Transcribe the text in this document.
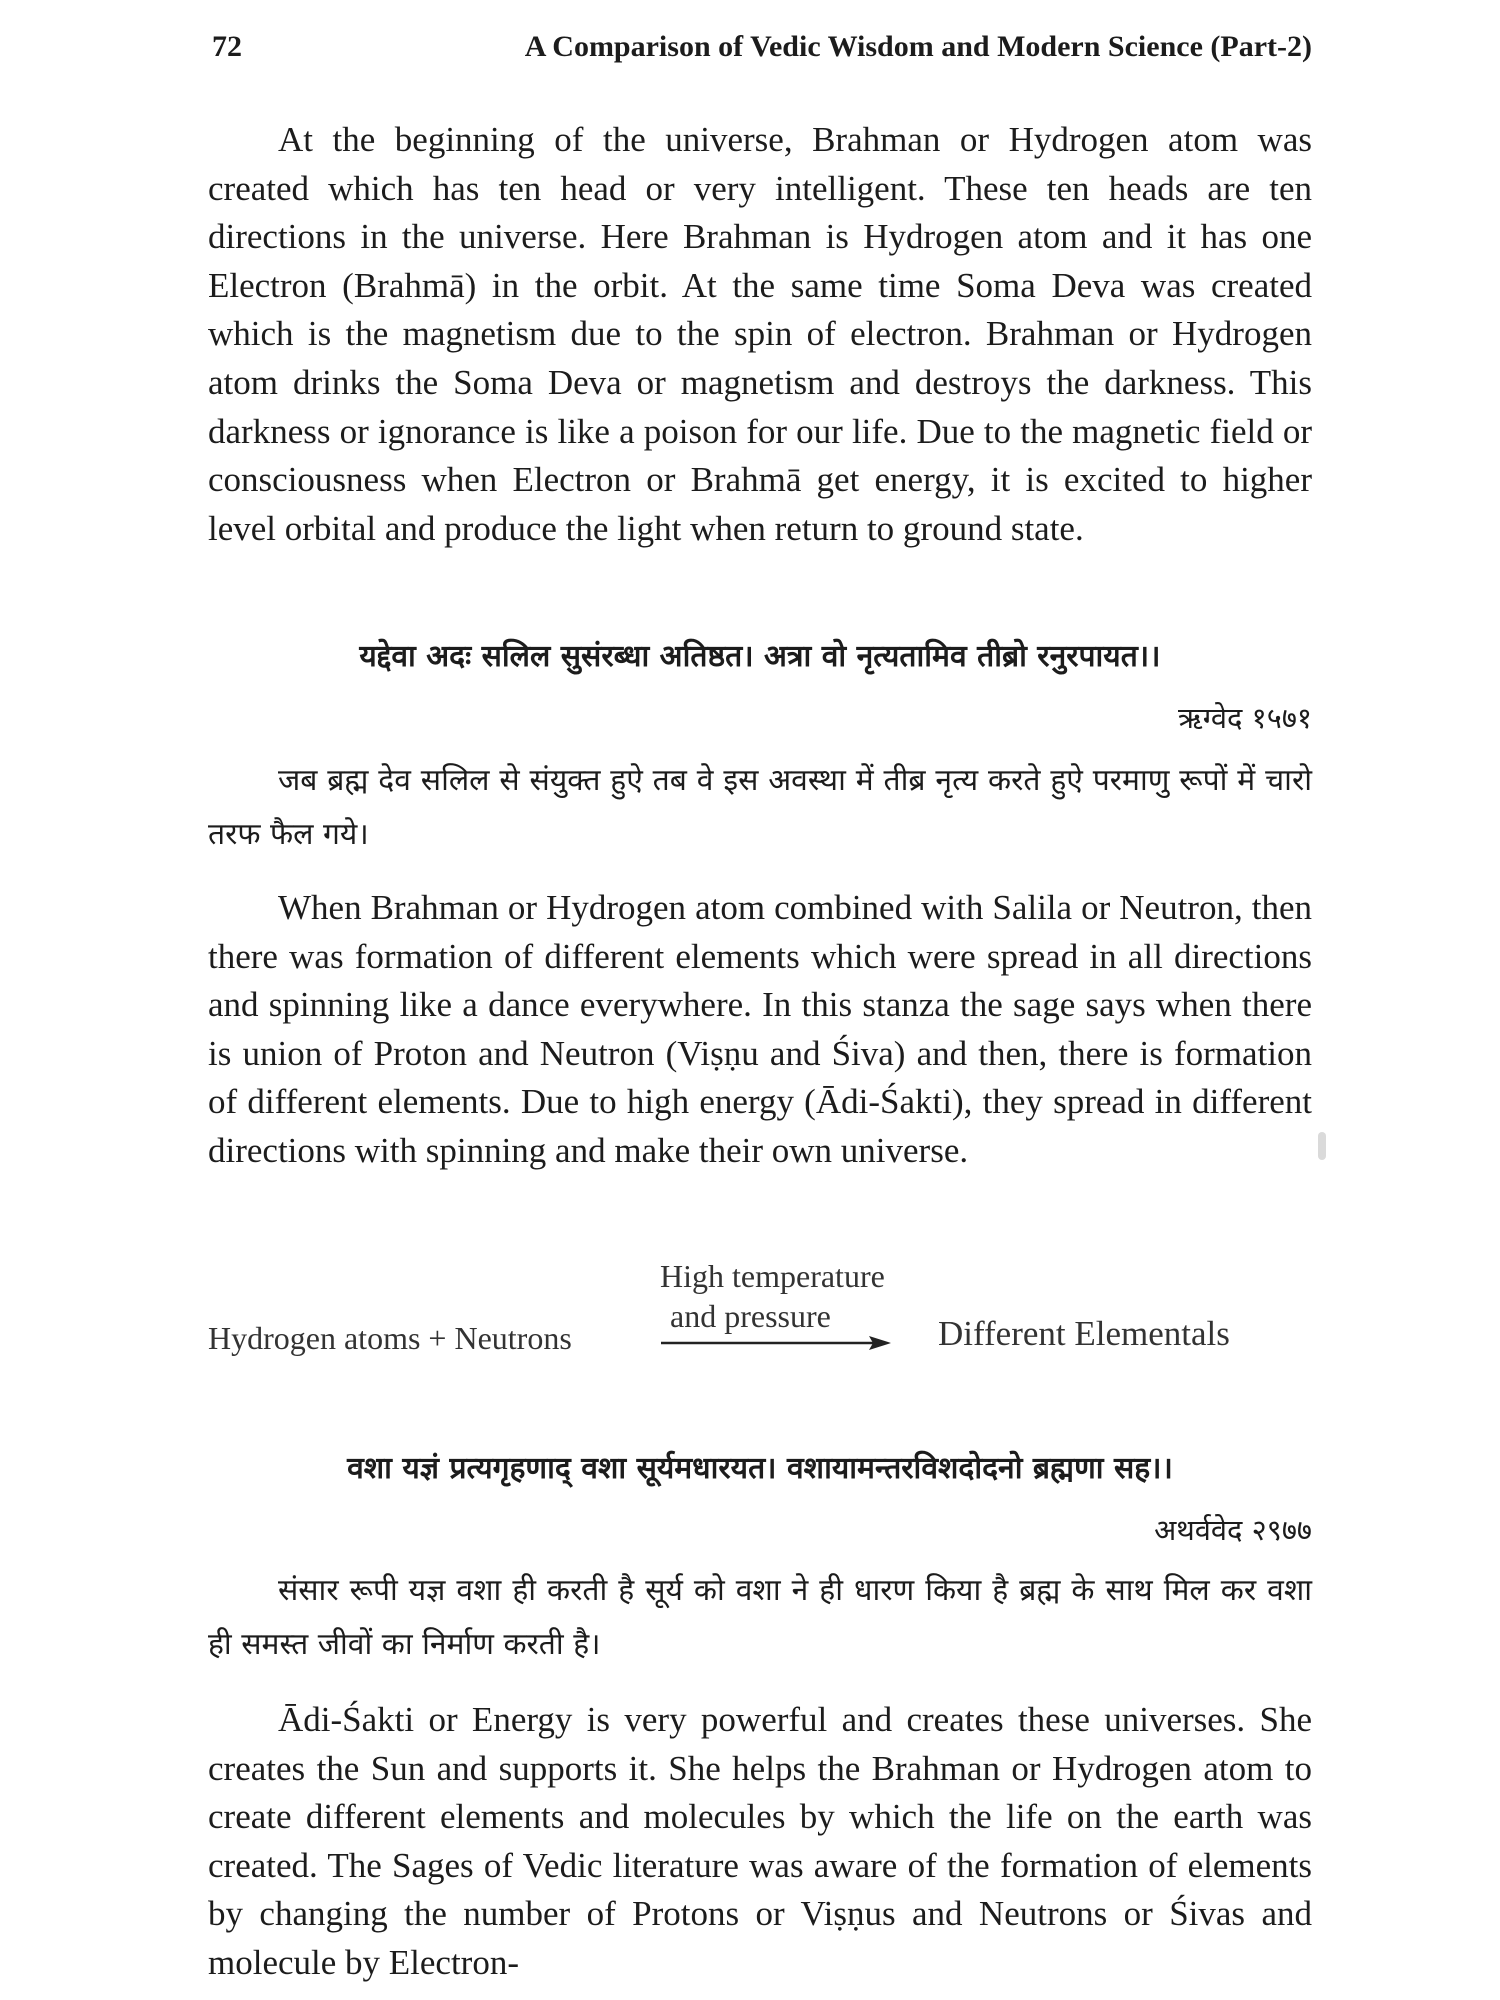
72	A Comparison of Vedic Wisdom and Modern Science (Part-2)

At the beginning of the universe, Brahman or Hydrogen atom was created which has ten head or very intelligent. These ten heads are ten directions in the universe. Here Brahman is Hydrogen atom and it has one Electron (Brahmā) in the orbit. At the same time Soma Deva was created which is the magnetism due to the spin of electron. Brahman or Hydrogen atom drinks the Soma Deva or magnetism and destroys the darkness. This darkness or ignorance is like a poison for our life. Due to the magnetic field or consciousness when Electron or Brahmā get energy, it is excited to higher level orbital and produce the light when return to ground state.

यद्देवा अदः सलिल सुसंरब्धा अतिष्ठत। अत्रा वो नृत्यतामिव तीब्रो रनुरपायत।।

ऋग्वेद १५७१

जब ब्रह्म देव सलिल से संयुक्त हुऐ तब वे इस अवस्था में तीब्र नृत्य करते हुऐ परमाणु रूपों में चारो तरफ फैल गये।

When Brahman or Hydrogen atom combined with Salila or Neutron, then there was formation of different elements which were spread in all directions and spinning like a dance everywhere. In this stanza the sage says when there is union of Proton and Neutron (Viṣṇu and Śiva) and then, there is formation of different elements. Due to high energy (Ādi-Śakti), they spread in different directions with spinning and make their own universe.

Hydrogen atoms + Neutrons
High temperature
and pressure	Different Elementals

वशा यज्ञं प्रत्यगृहणाद् वशा सूर्यमधारयत। वशायामन्तरविशदोदनो ब्रह्मणा सह।।

अथर्ववेद २९७७

संसार रूपी यज्ञ वशा ही करती है सूर्य को वशा ने ही धारण किया है ब्रह्म के साथ मिल कर वशा ही समस्त जीवों का निर्माण करती है।

Ādi-Śakti or Energy is very powerful and creates these universes. She creates the Sun and supports it. She helps the Brahman or Hydrogen atom to create different elements and molecules by which the life on the earth was created. The Sages of Vedic literature was aware of the formation of elements by changing the number of Protons or Viṣṇus and Neutrons or Śivas and molecule by Electron-
